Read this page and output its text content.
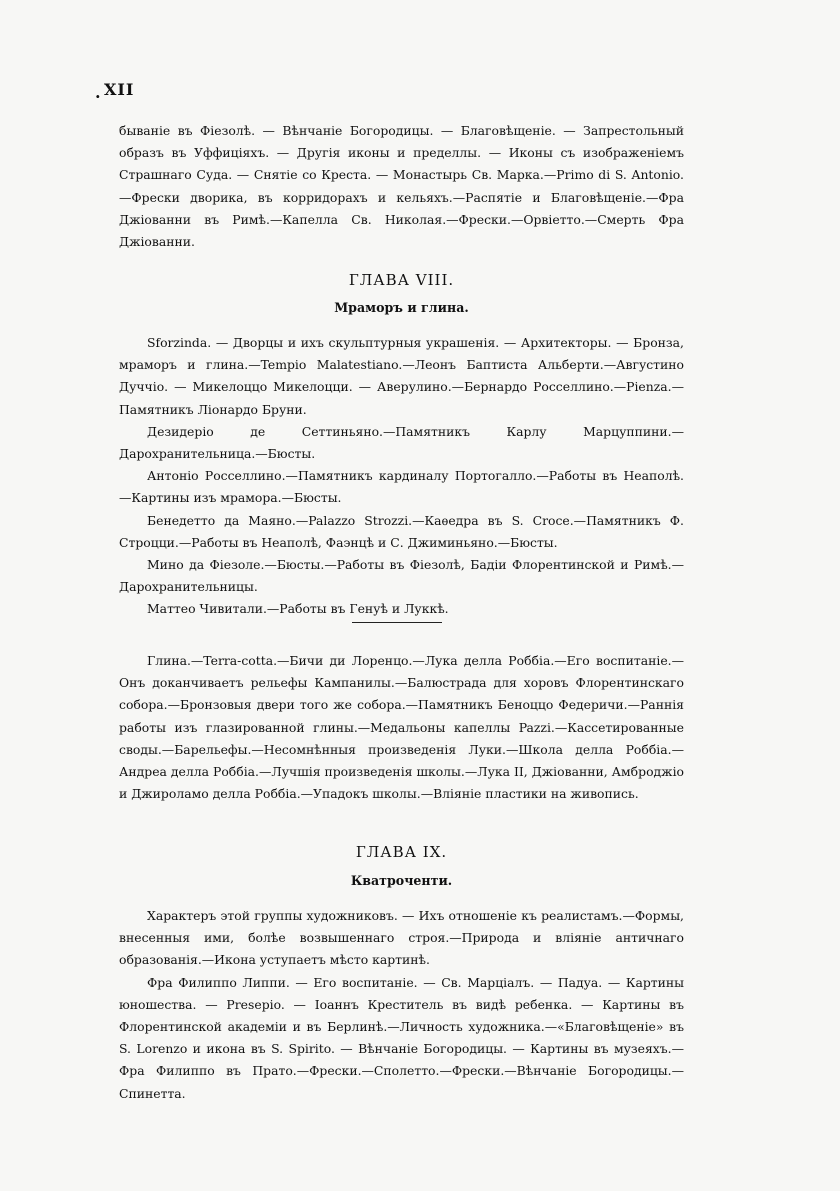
. XII

бываніе въ Фіезолѣ. — Вѣнчаніе Богородицы. — Благовѣщеніе. — Запрестольный образъ въ Уффиціяхъ. — Другія иконы и пределлы. — Иконы съ изображеніемъ Страшнаго Суда. — Снятіе со Креста. — Монастырь Св. Марка.—Primo di S. Antonio.—Фрески дворика, въ корридорахъ и кельяхъ.—Распятіе и Благовѣщеніе.—Фра Джіованни въ Римѣ.—Капелла Св. Николая.—Фрески.—Орвіетто.—Смерть Фра Джіованни.

ГЛАВА VIII.
Мраморъ и глина.

Sforzinda. — Дворцы и ихъ скульптурныя украшенія. — Архитекторы. — Бронза, мраморъ и глина.—Tempio Malatestiano.—Леонъ Баптиста Альберти.—Августино Дуччіо. — Микелоццо Микелоцци. — Аверулино.—Бернардо Росселлино.—Pienza.—Памятникъ Ліонардо Бруни.

Дезидеріо де Сеттиньяно.—Памятникъ Карлу Марцуппини.—Дарохранительница.—Бюсты.

Антоніо Росселлино.—Памятникъ кардиналу Портогалло.—Работы въ Неаполѣ.—Картины изъ мрамора.—Бюсты.

Бенедетто да Маяно.—Palazzo Strozzi.—Каѳедра въ S. Croce.—Памятникъ Ф. Строцци.—Работы въ Неаполѣ, Фаэнцѣ и С. Джиминьяно.—Бюсты.

Мино да Фіезоле.—Бюсты.—Работы въ Фіезолѣ, Бадіи Флорентинской и Римѣ.—Дарохранительницы.

Маттео Чивитали.—Работы въ Генуѣ и Луккѣ.

Глина.—Terra-cotta.—Бичи ди Лоренцо.—Лука делла Роббіа.—Его воспитаніе.—Онъ доканчиваетъ рельефы Кампанилы.—Балюстрада для хоровъ Флорентинскаго собора.—Бронзовыя двери того же собора.—Памятникъ Беноццо Федеричи.—Раннія работы изъ глазированной глины.—Медальоны капеллы Pazzi.—Кассетированные своды.—Барельефы.—Несомнѣнныя произведенія Луки.—Школа делла Роббіа.—Андреа делла Роббіа.—Лучшія произведенія школы.—Лука II, Джіованни, Амброджіо и Джироламо делла Роббіа.—Упадокъ школы.—Вліяніе пластики на живопись.

ГЛАВА IX.
Кватроченти.

Характеръ этой группы художниковъ. — Ихъ отношеніе къ реалистамъ.—Формы, внесенныя ими, болѣе возвышеннаго строя.—Природа и вліяніе античнаго образованія.—Икона уступаетъ мѣсто картинѣ.

Фра Филиппо Липпи. — Его воспитаніе. — Св. Марціалъ. — Падуа. — Картины юношества. — Presepio. — Іоаннъ Креститель въ видѣ ребенка. — Картины въ Флорентинской академіи и въ Берлинѣ.—Личность художника.—«Благовѣщеніе» въ S. Lorenzo и икона въ S. Spirito. — Вѣнчаніе Богородицы. — Картины въ музеяхъ.—Фра Филиппо въ Прато.—Фрески.—Сполетто.—Фрески.—Вѣнчаніе Богородицы.—Спинетта.
